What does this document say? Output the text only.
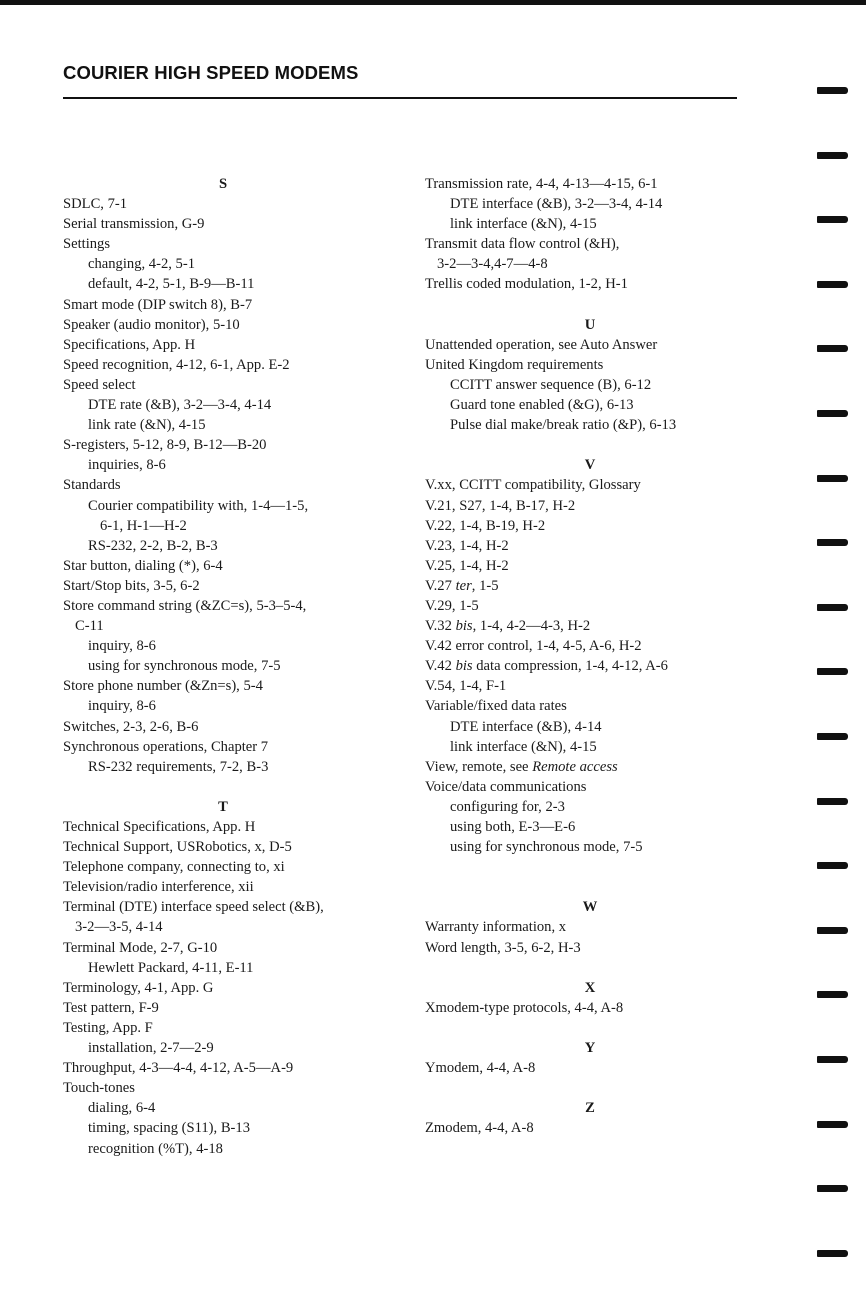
COURIER HIGH SPEED MODEMS
S
SDLC, 7-1
Serial transmission, G-9
Settings
changing, 4-2, 5-1
default, 4-2, 5-1, B-9—B-11
Smart mode (DIP switch 8), B-7
Speaker (audio monitor), 5-10
Specifications, App. H
Speed recognition, 4-12, 6-1, App. E-2
Speed select
DTE rate (&B), 3-2—3-4, 4-14
link rate (&N), 4-15
S-registers, 5-12, 8-9, B-12—B-20
inquiries, 8-6
Standards
Courier compatibility with, 1-4—1-5,
6-1, H-1—H-2
RS-232, 2-2, B-2, B-3
Star button, dialing (*), 6-4
Start/Stop bits, 3-5, 6-2
Store command string (&ZC=s), 5-3–5-4,
C-11
inquiry, 8-6
using for synchronous mode, 7-5
Store phone number (&Zn=s), 5-4
inquiry, 8-6
Switches, 2-3, 2-6, B-6
Synchronous operations, Chapter 7
RS-232 requirements, 7-2, B-3
T
Technical Specifications, App. H
Technical Support, USRobotics, x, D-5
Telephone company, connecting to, xi
Television/radio interference, xii
Terminal (DTE) interface speed select (&B),
3-2—3-5, 4-14
Terminal Mode, 2-7, G-10
Hewlett Packard, 4-11, E-11
Terminology, 4-1, App. G
Test pattern, F-9
Testing, App. F
installation, 2-7—2-9
Throughput, 4-3—4-4, 4-12, A-5—A-9
Touch-tones
dialing, 6-4
timing, spacing (S11), B-13
recognition (%T), 4-18
Transmission rate, 4-4, 4-13—4-15, 6-1
DTE interface (&B), 3-2—3-4, 4-14
link interface (&N), 4-15
Transmit data flow control (&H),
3-2—3-4,4-7—4-8
Trellis coded modulation, 1-2, H-1
U
Unattended operation, see Auto Answer
United Kingdom requirements
CCITT answer sequence (B), 6-12
Guard tone enabled (&G), 6-13
Pulse dial make/break ratio (&P), 6-13
V
V.xx, CCITT compatibility, Glossary
V.21, S27, 1-4, B-17, H-2
V.22, 1-4, B-19, H-2
V.23, 1-4, H-2
V.25, 1-4, H-2
V.27 ter, 1-5
V.29, 1-5
V.32 bis, 1-4, 4-2—4-3, H-2
V.42 error control, 1-4, 4-5, A-6, H-2
V.42 bis data compression, 1-4, 4-12, A-6
V.54, 1-4, F-1
Variable/fixed data rates
DTE interface (&B), 4-14
link interface (&N), 4-15
View, remote, see Remote access
Voice/data communications
configuring for, 2-3
using both, E-3—E-6
using for synchronous mode, 7-5
W
Warranty information, x
Word length, 3-5, 6-2, H-3
X
Xmodem-type protocols, 4-4, A-8
Y
Ymodem, 4-4, A-8
Z
Zmodem, 4-4, A-8
